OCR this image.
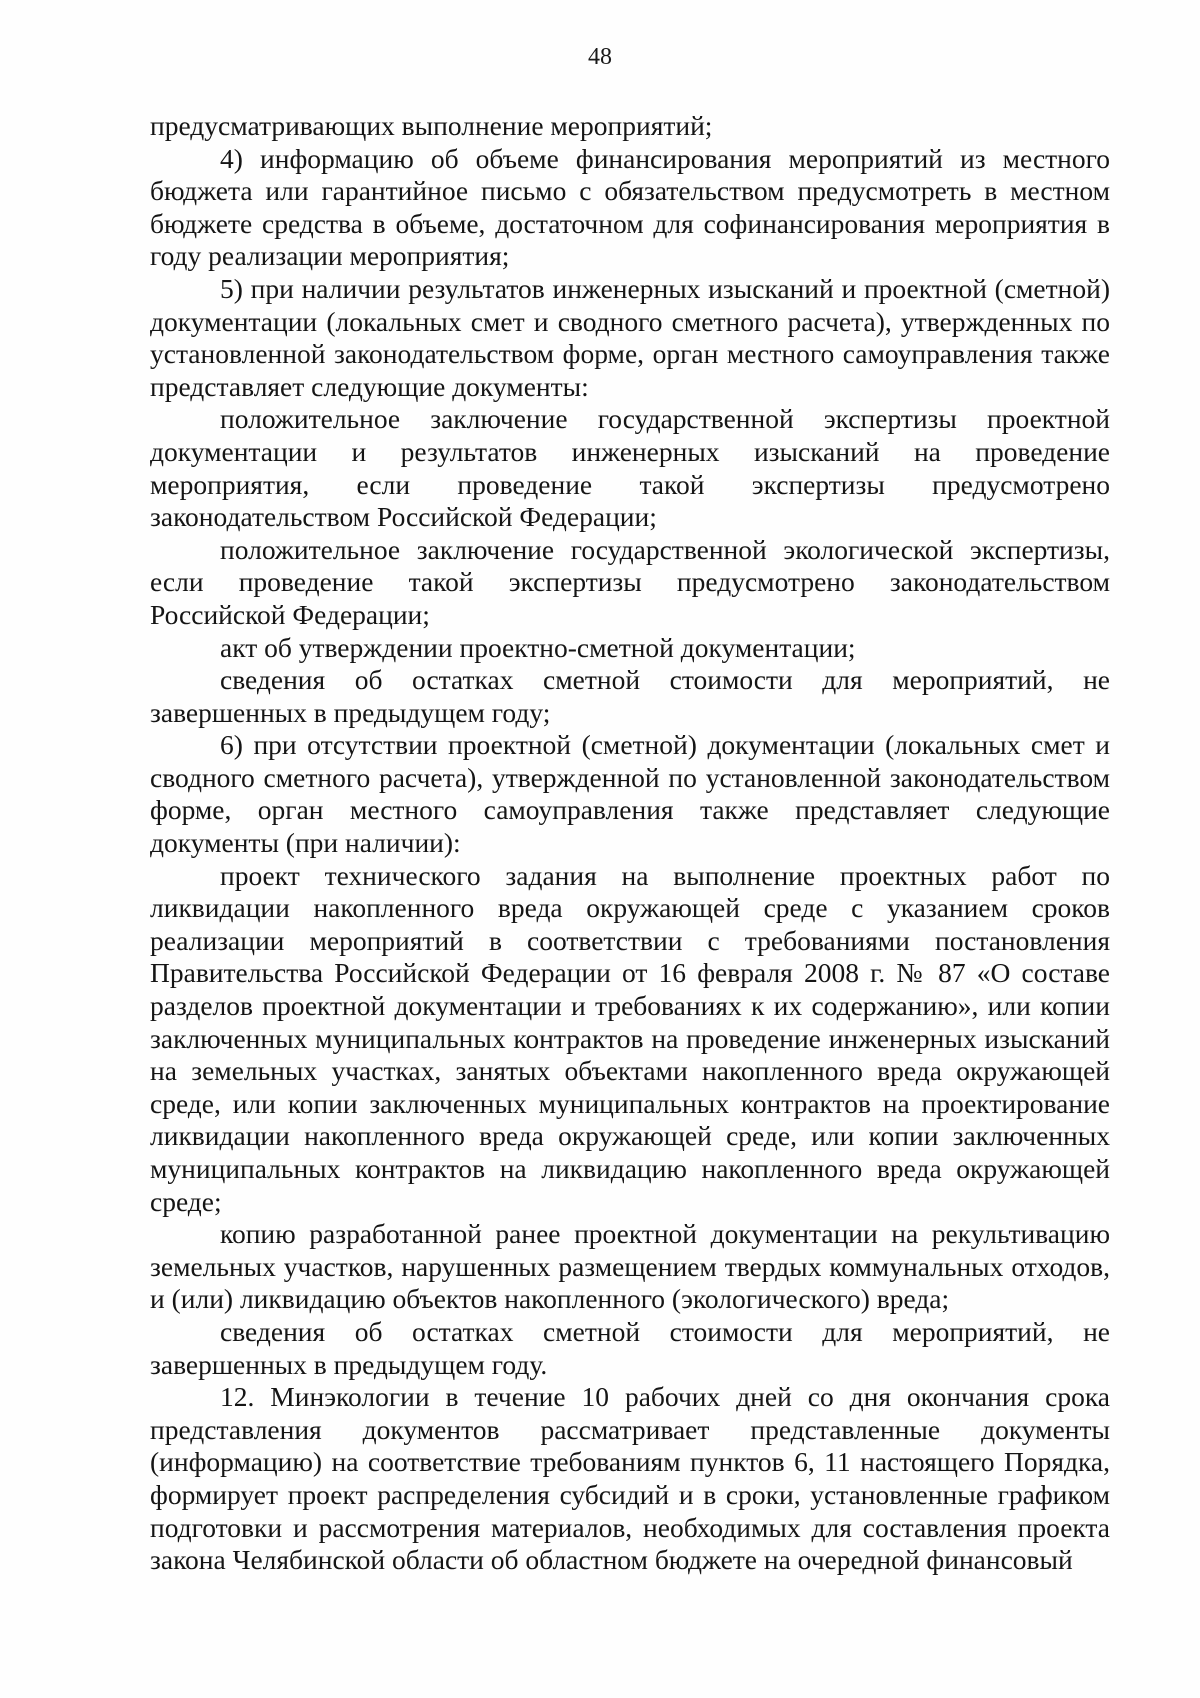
48

предусматривающих выполнение мероприятий;

4) информацию об объеме финансирования мероприятий из местного бюджета или гарантийное письмо с обязательством предусмотреть в местном бюджете средства в объеме, достаточном для софинансирования мероприятия в году реализации мероприятия;

5) при наличии результатов инженерных изысканий и проектной (сметной) документации (локальных смет и сводного сметного расчета), утвержденных по установленной законодательством форме, орган местного самоуправления также представляет следующие документы:

положительное заключение государственной экспертизы проектной документации и результатов инженерных изысканий на проведение мероприятия, если проведение такой экспертизы предусмотрено законодательством Российской Федерации;

положительное заключение государственной экологической экспертизы, если проведение такой экспертизы предусмотрено законодательством Российской Федерации;

акт об утверждении проектно-сметной документации;

сведения об остатках сметной стоимости для мероприятий, не завершенных в предыдущем году;

6) при отсутствии проектной (сметной) документации (локальных смет и сводного сметного расчета), утвержденной по установленной законодательством форме, орган местного самоуправления также представляет следующие документы (при наличии):

проект технического задания на выполнение проектных работ по ликвидации накопленного вреда окружающей среде с указанием сроков реализации мероприятий в соответствии с требованиями постановления Правительства Российской Федерации от 16 февраля 2008 г. № 87 «О составе разделов проектной документации и требованиях к их содержанию», или копии заключенных муниципальных контрактов на проведение инженерных изысканий на земельных участках, занятых объектами накопленного вреда окружающей среде, или копии заключенных муниципальных контрактов на проектирование ликвидации накопленного вреда окружающей среде, или копии заключенных муниципальных контрактов на ликвидацию накопленного вреда окружающей среде;

копию разработанной ранее проектной документации на рекультивацию земельных участков, нарушенных размещением твердых коммунальных отходов, и (или) ликвидацию объектов накопленного (экологического) вреда;

сведения об остатках сметной стоимости для мероприятий, не завершенных в предыдущем году.

12. Минэкологии в течение 10 рабочих дней со дня окончания срока представления документов рассматривает представленные документы (информацию) на соответствие требованиям пунктов 6, 11 настоящего Порядка, формирует проект распределения субсидий и в сроки, установленные графиком подготовки и рассмотрения материалов, необходимых для составления проекта закона Челябинской области об областном бюджете на очередной финансовый
